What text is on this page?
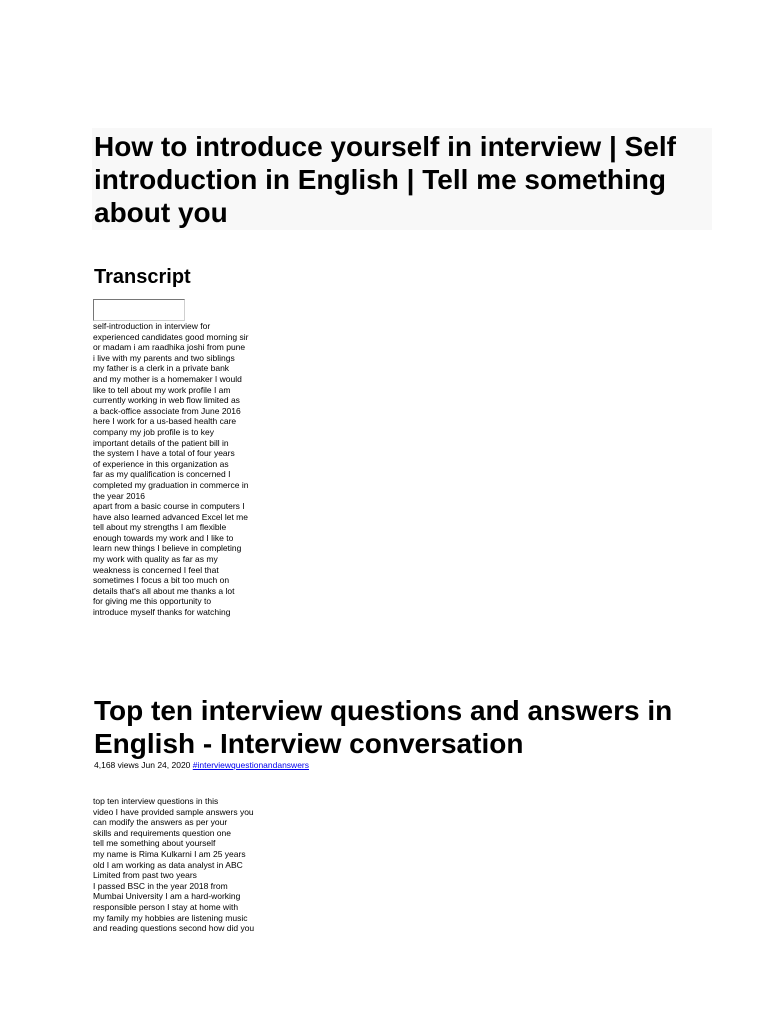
How to introduce yourself in interview | Self introduction in English | Tell me something about you
Transcript

self-introduction in interview for
experienced candidates good morning sir
or madam i am raadhika joshi from pune
i live with my parents and two siblings
my father is a clerk in a private bank
and my mother is a homemaker I would
like to tell about my work profile I am
currently working in web flow limited as
a back-office associate from June 2016
here I work for a us-based health care
company my job profile is to key
important details of the patient bill in
the system I have a total of four years
of experience in this organization as
far as my qualification is concerned I
completed my graduation in commerce in
the year 2016
apart from a basic course in computers I
have also learned advanced Excel let me
tell about my strengths I am flexible
enough towards my work and I like to
learn new things I believe in completing
my work with quality as far as my
weakness is concerned I feel that
sometimes I focus a bit too much on
details that's all about me thanks a lot
for giving me this opportunity to
introduce myself thanks for watching

Top ten interview questions and answers in English - Interview conversation
4,168 views Jun 24, 2020 #interviewquestionandanswers

top ten interview questions in this
video I have provided sample answers you
can modify the answers as per your
skills and requirements question one
tell me something about yourself
my name is Rima Kulkarni I am 25 years
old I am working as data analyst in ABC
Limited from past two years
I passed BSC in the year 2018 from
Mumbai University I am a hard-working
responsible person I stay at home with
my family my hobbies are listening music
and reading questions second how did you
